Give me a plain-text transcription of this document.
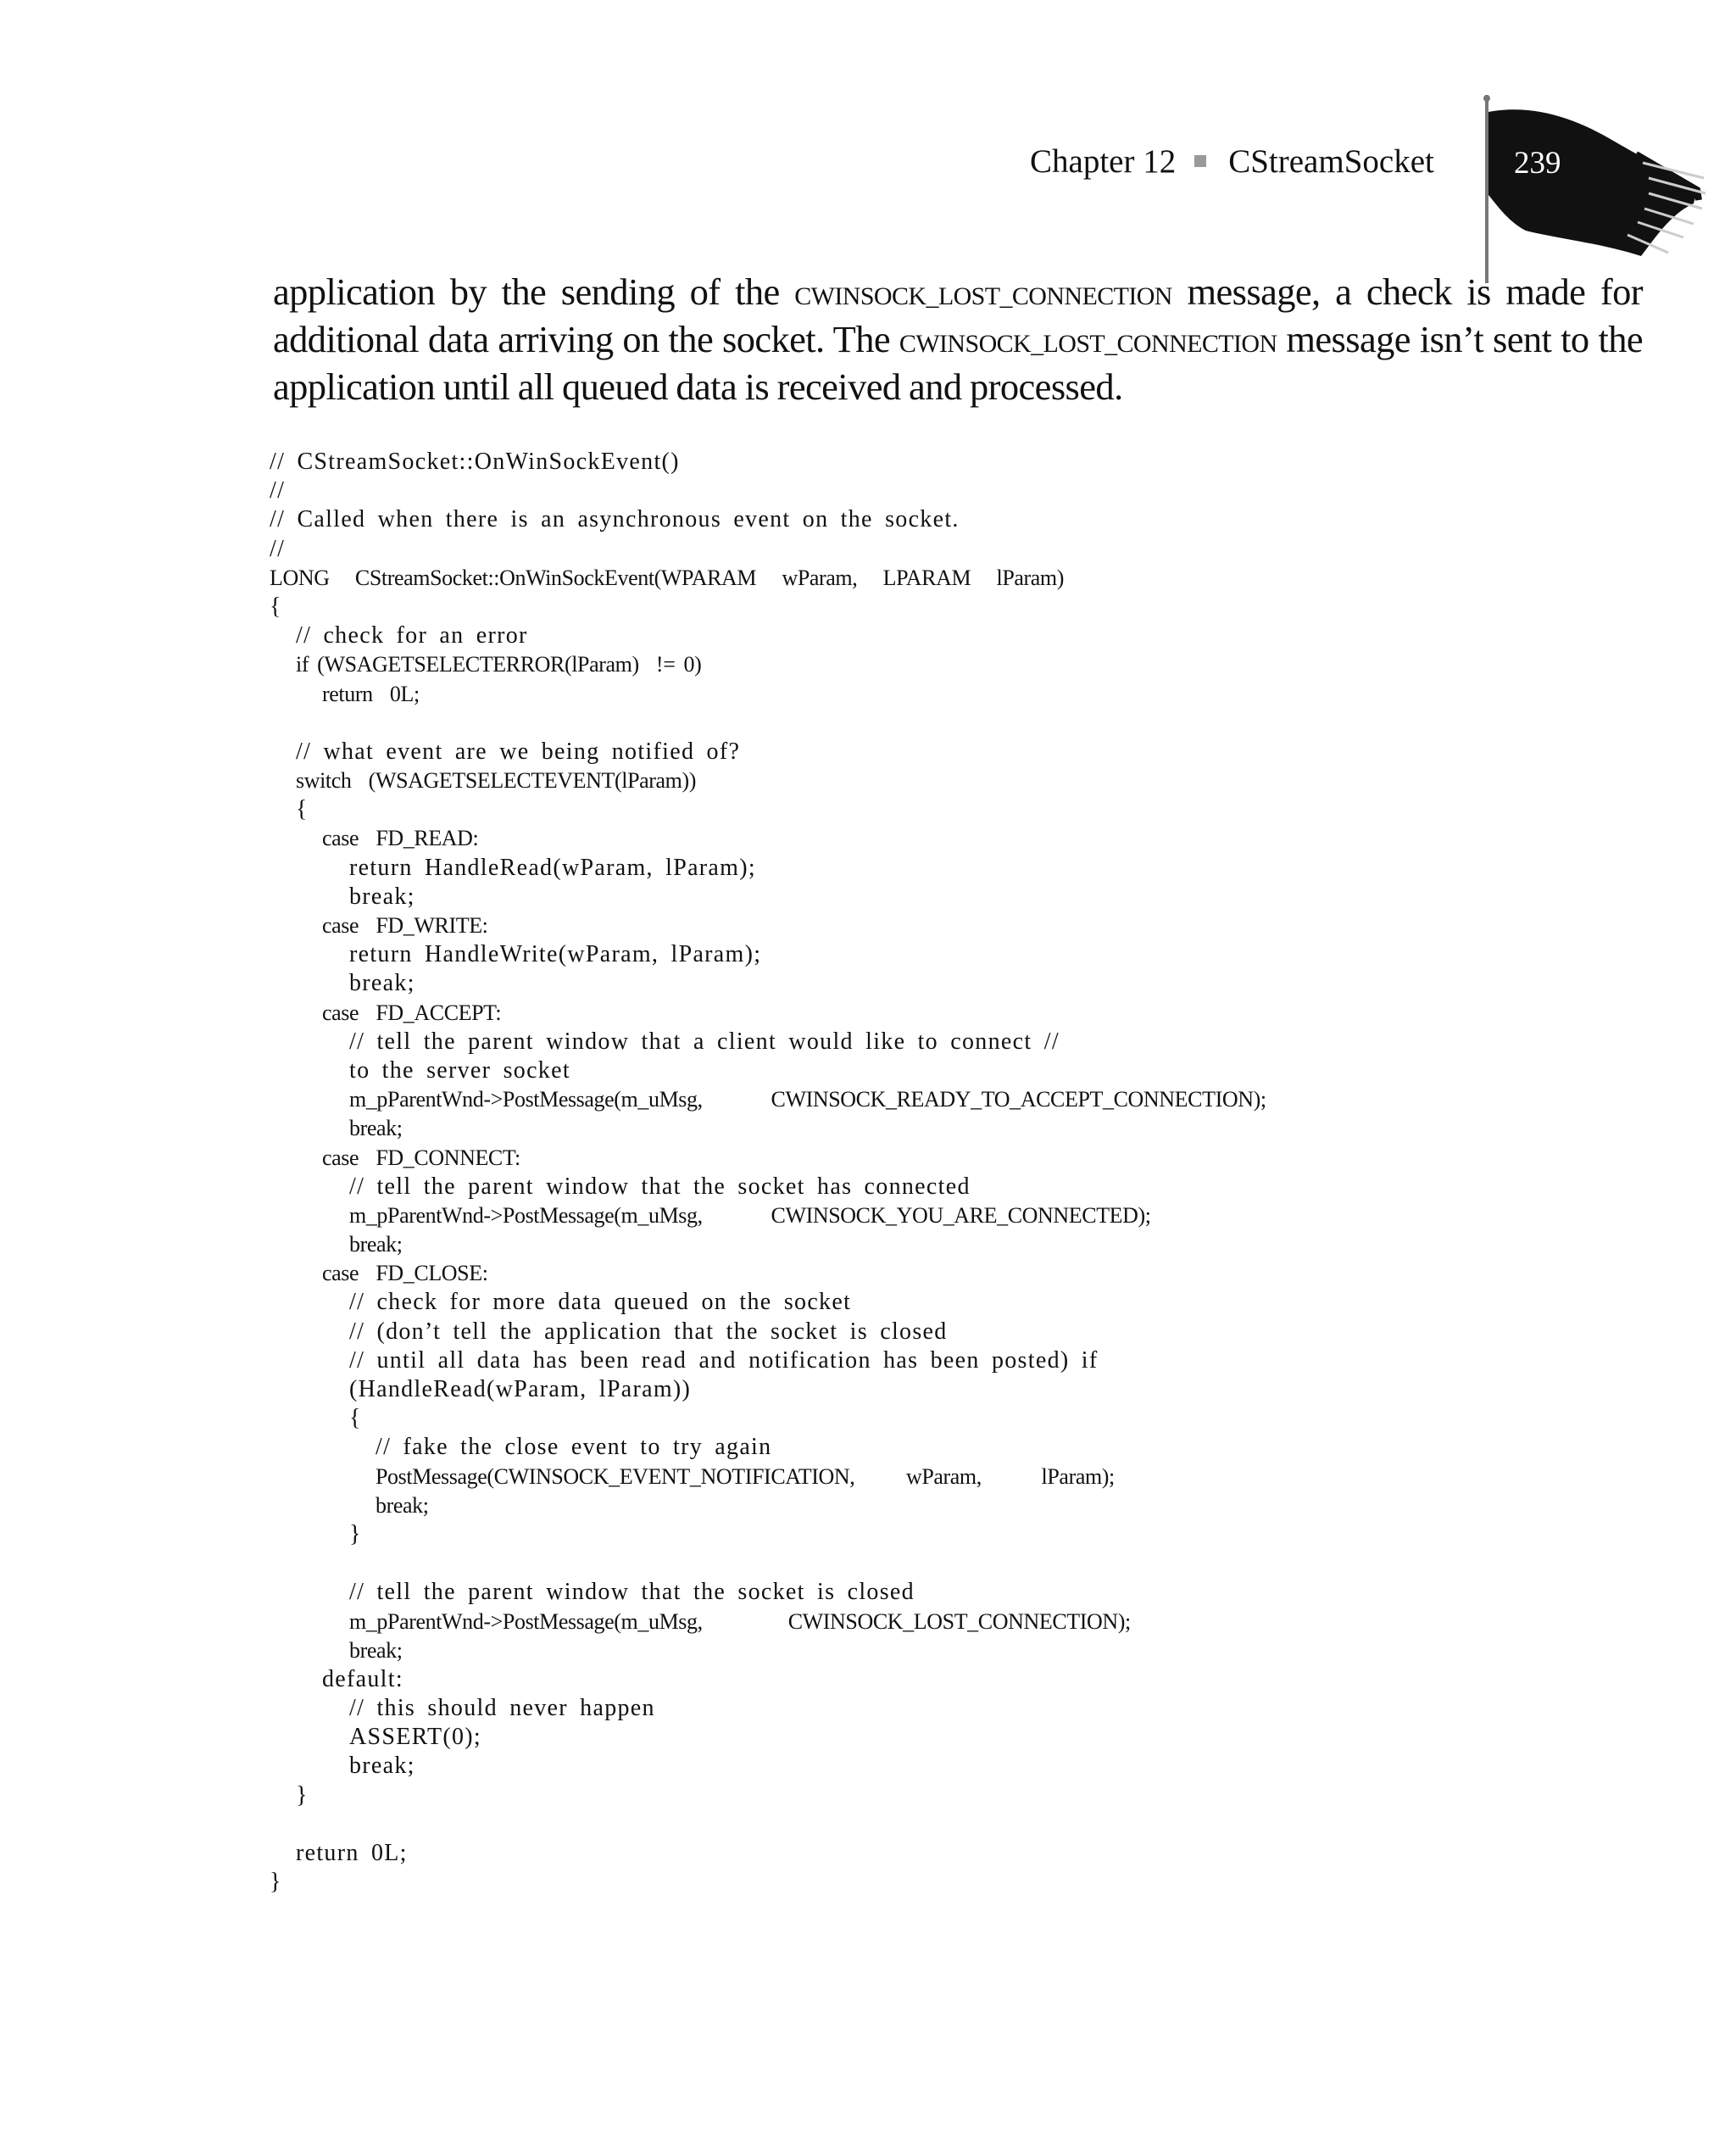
Chapter 12 CStreamSocket	239

application by the sending of the CWINSOCK_LOST_CONNECTION message, a check is made for additional data arriving on the socket. The CWINSOCK_LOST_CONNECTION message isn’t sent to the application until all queued data is received and processed.

// CStreamSocket::OnWinSockEvent()
//
// Called when there is an asynchronous event on the socket.
//
LONG   CStreamSocket::OnWinSockEvent(WPARAM   wParam,   LPARAM   lParam)
{
// check for an error
if (WSAGETSELECTERROR(lParam)  != 0)
return  0L;
// what event are we being notified of?
switch  (WSAGETSELECTEVENT(lParam))
{
case  FD_READ:
return HandleRead(wParam, lParam);
break;
case  FD_WRITE:
return HandleWrite(wParam, lParam);
break;
case  FD_ACCEPT:
// tell the parent window that a client would like to connect //
to the server socket
m_pParentWnd->PostMessage(m_uMsg,        CWINSOCK_READY_TO_ACCEPT_CONNECTION);
break;
case  FD_CONNECT:
// tell the parent window that the socket has connected
m_pParentWnd->PostMessage(m_uMsg,        CWINSOCK_YOU_ARE_CONNECTED);
break;
case  FD_CLOSE:
// check for more data queued on the socket
// (don’t tell the application that the socket is closed
// until all data has been read and notification has been posted) if
(HandleRead(wParam, lParam))
{
// fake the close event to try again
PostMessage(CWINSOCK_EVENT_NOTIFICATION,      wParam,       lParam);
break;
}
// tell the parent window that the socket is closed
m_pParentWnd->PostMessage(m_uMsg,          CWINSOCK_LOST_CONNECTION);
break;
default:
// this should never happen
ASSERT(0);
break;
}
return 0L;
}
